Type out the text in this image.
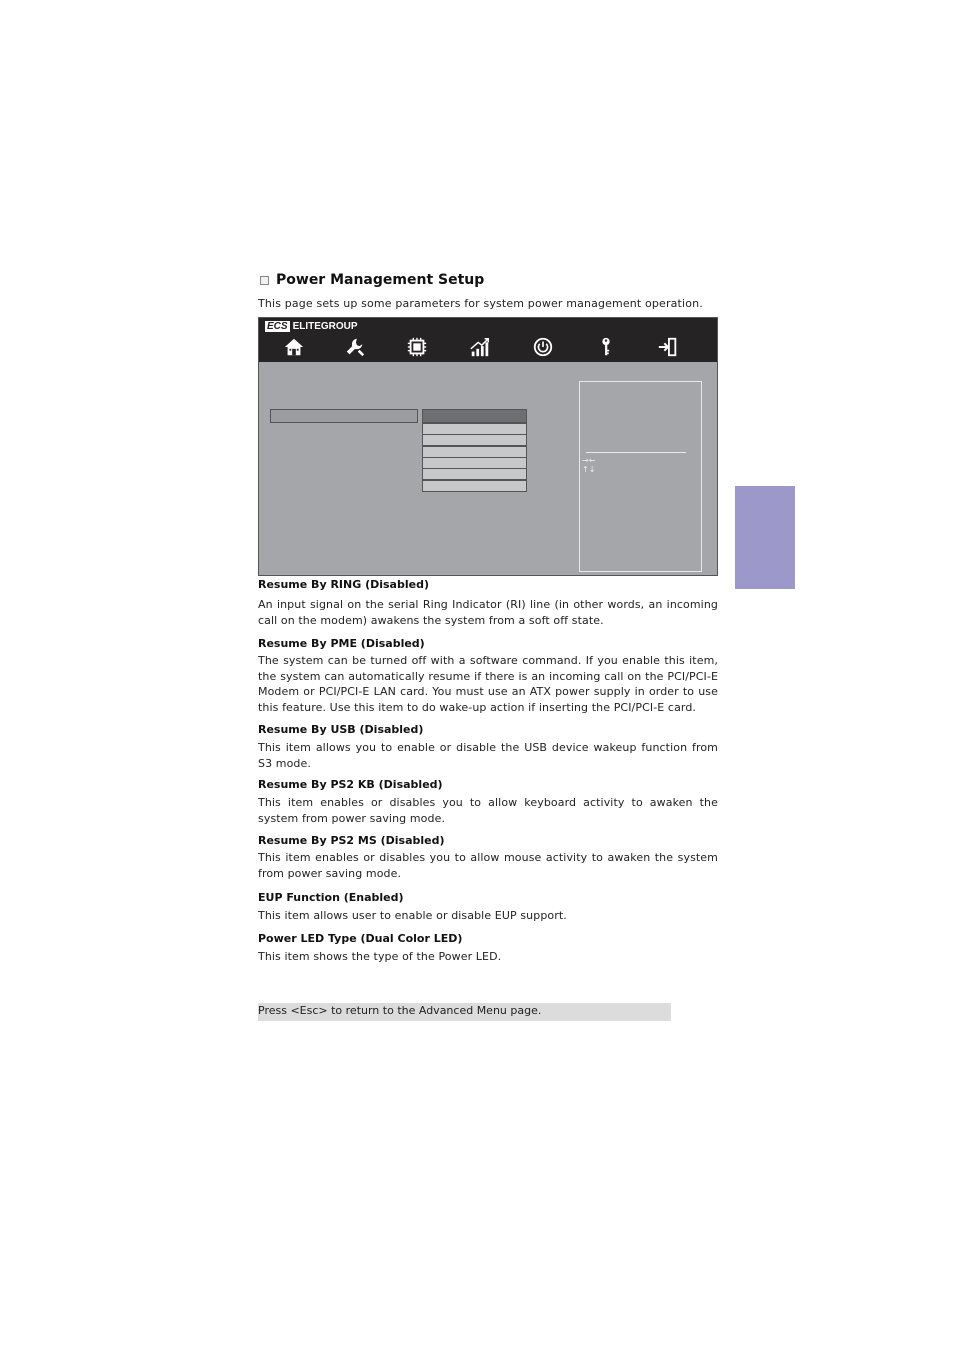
Power Management Setup
This page sets up some parameters for system power management operation.
ECS ELITEGROUP
→←
↑↓
Resume By RING (Disabled)
An input signal on the serial Ring Indicator (RI) line (in other words, an incoming call on the modem) awakens the system from a soft off state.
Resume By PME (Disabled)
The system can be turned off with a software command. If you enable this item, the system can automatically resume if there is an incoming call on the PCI/PCI-E Modem or PCI/PCI-E LAN card. You must use an ATX power supply in order to use this feature. Use this item to do wake-up action if inserting the PCI/PCI-E card.
Resume By USB (Disabled)
This item allows you to enable or disable the USB device wakeup function from S3 mode.
Resume By PS2 KB (Disabled)
This item enables or disables you to allow keyboard activity to awaken the system from power saving mode.
Resume By PS2 MS (Disabled)
This item enables or disables you to allow mouse activity to awaken the system from power saving mode.
EUP Function (Enabled)
This item allows user to enable or disable EUP support.
Power LED Type (Dual Color LED)
This item shows the type of the Power LED.
Press <Esc> to return to the Advanced Menu page.
